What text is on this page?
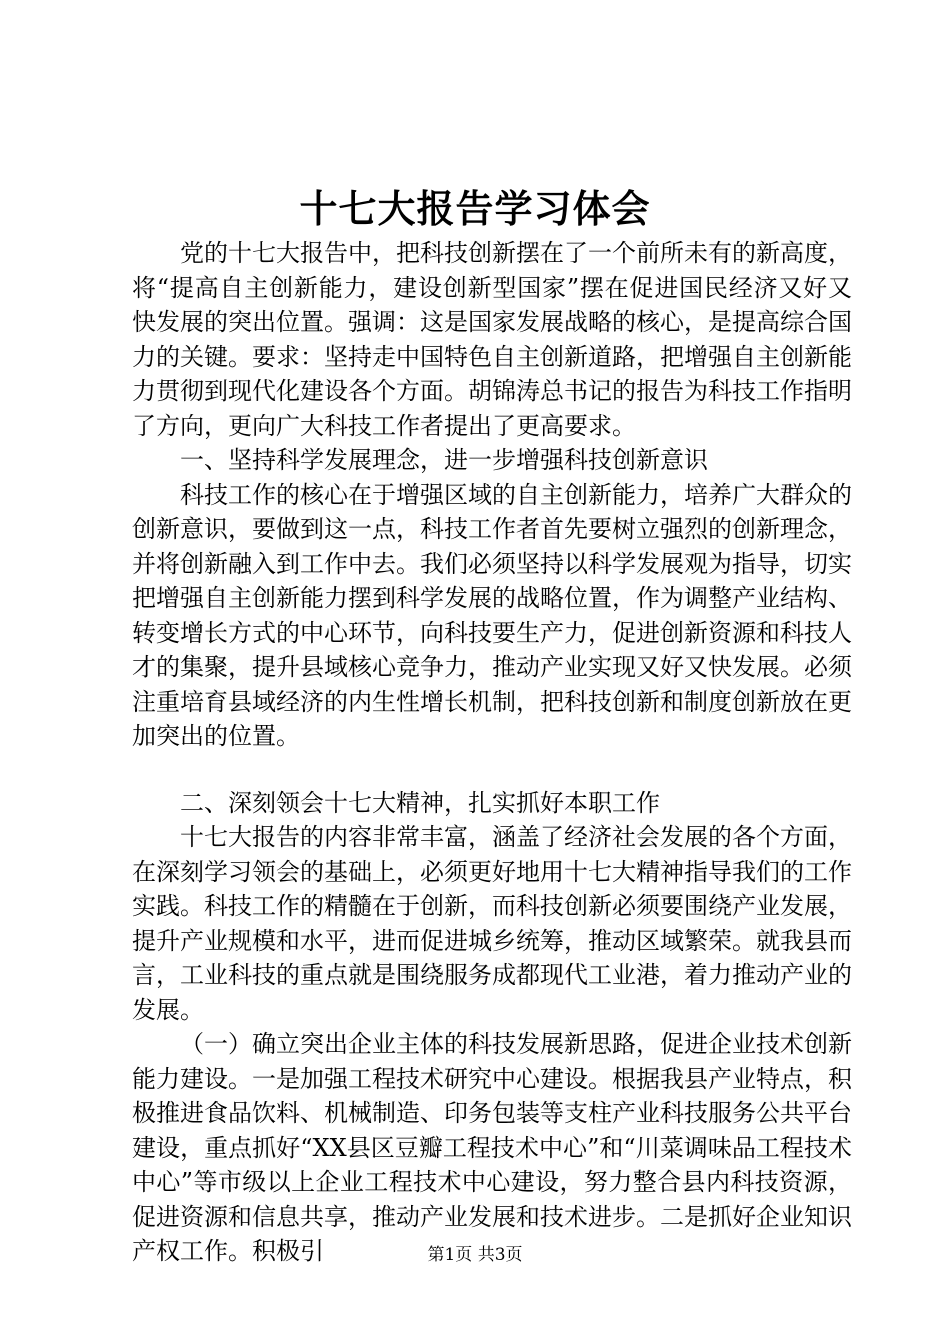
十七大报告学习体会

党的十七大报告中，把科技创新摆在了一个前所未有的新高度，将“提高自主创新能力，建设创新型国家”摆在促进国民经济又好又快发展的突出位置。强调：这是国家发展战略的核心，是提高综合国力的关键。要求：坚持走中国特色自主创新道路，把增强自主创新能力贯彻到现代化建设各个方面。胡锦涛总书记的报告为科技工作指明了方向，更向广大科技工作者提出了更高要求。

一、坚持科学发展理念，进一步增强科技创新意识

科技工作的核心在于增强区域的自主创新能力，培养广大群众的创新意识，要做到这一点，科技工作者首先要树立强烈的创新理念，并将创新融入到工作中去。我们必须坚持以科学发展观为指导，切实把增强自主创新能力摆到科学发展的战略位置，作为调整产业结构、转变增长方式的中心环节，向科技要生产力，促进创新资源和科技人才的集聚，提升县域核心竞争力，推动产业实现又好又快发展。必须注重培育县域经济的内生性增长机制，把科技创新和制度创新放在更加突出的位置。

二、深刻领会十七大精神，扎实抓好本职工作

十七大报告的内容非常丰富，涵盖了经济社会发展的各个方面，在深刻学习领会的基础上，必须更好地用十七大精神指导我们的工作实践。科技工作的精髓在于创新，而科技创新必须要围绕产业发展，提升产业规模和水平，进而促进城乡统筹，推动区域繁荣。就我县而言，工业科技的重点就是围绕服务成都现代工业港，着力推动产业的发展。

（一）确立突出企业主体的科技发展新思路，促进企业技术创新能力建设。一是加强工程技术研究中心建设。根据我县产业特点，积极推进食品饮料、机械制造、印务包装等支柱产业科技服务公共平台建设，重点抓好“XX县区豆瓣工程技术中心”和“川菜调味品工程技术中心”等市级以上企业工程技术中心建设，努力整合县内科技资源，促进资源和信息共享，推动产业发展和技术进步。二是抓好企业知识产权工作。积极引	第1页 共3页
